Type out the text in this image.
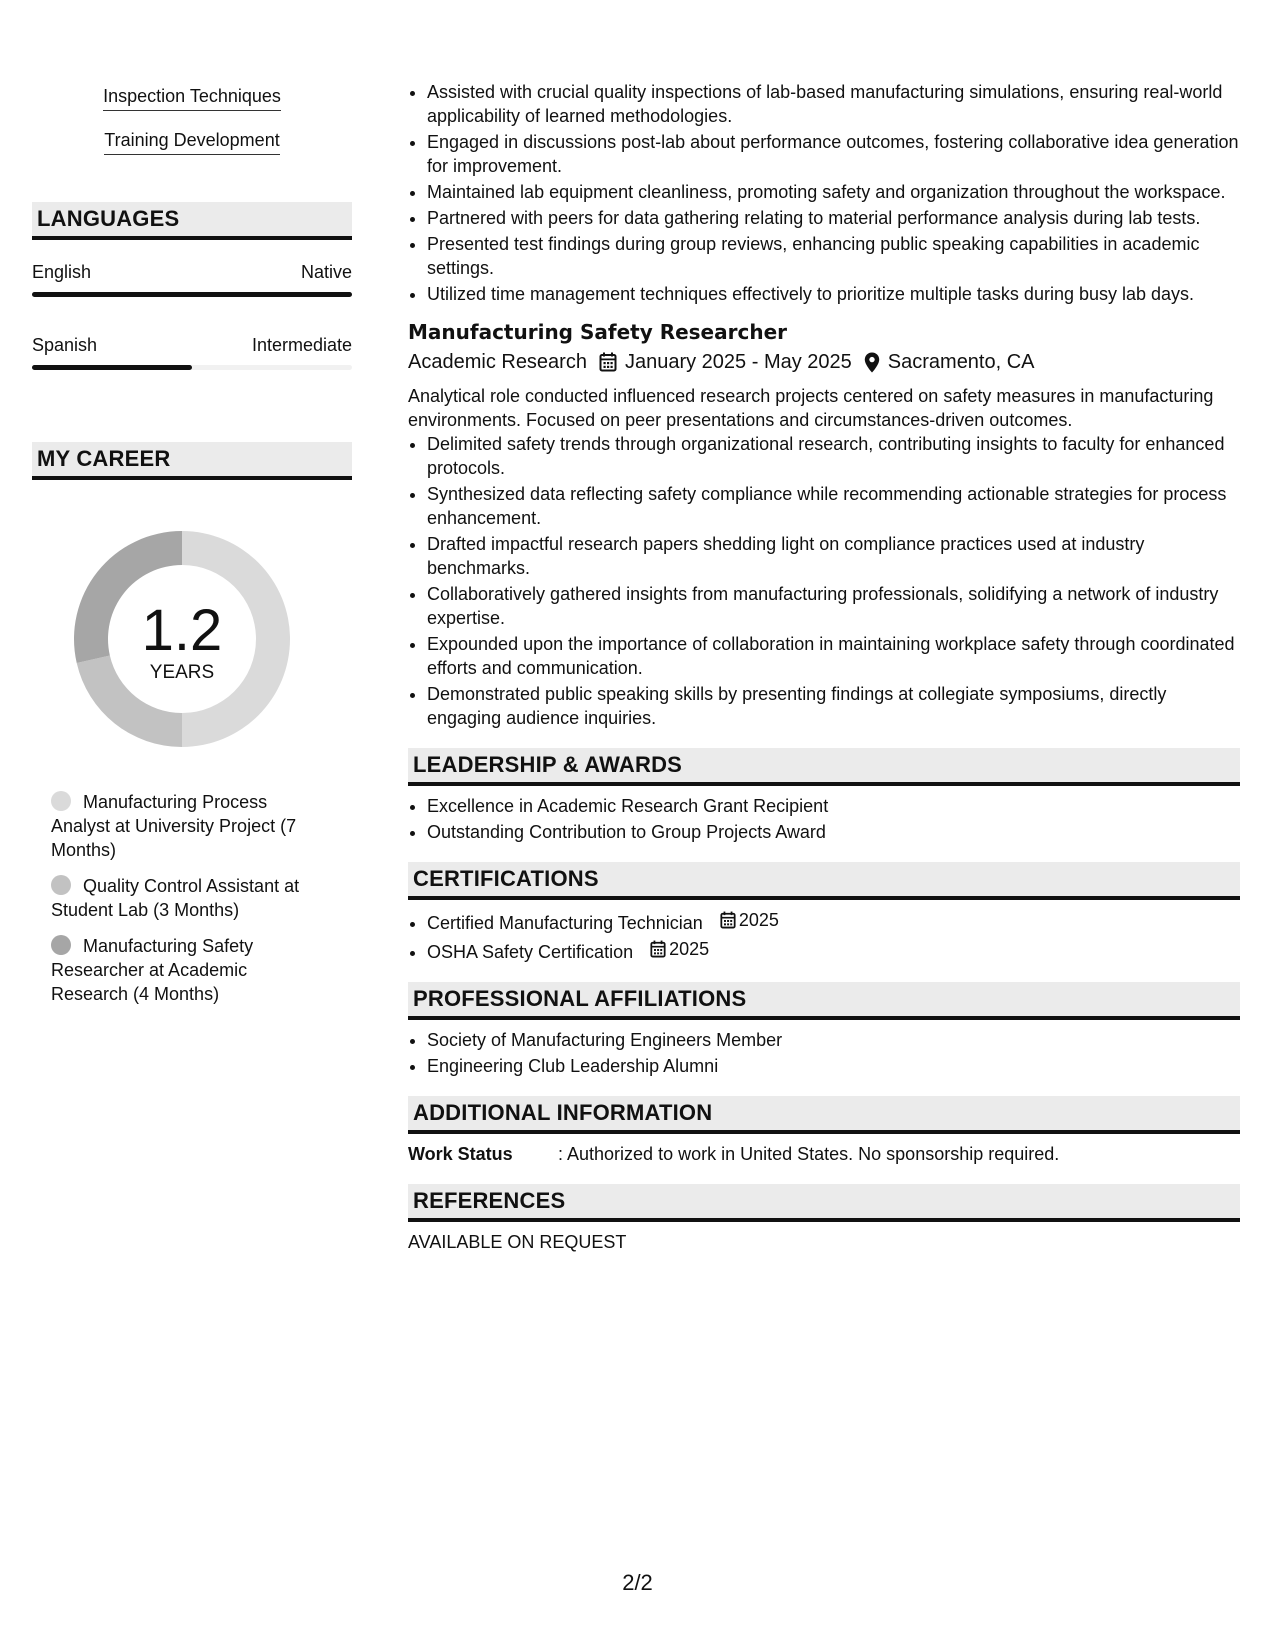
Inspection Techniques
Training Development
LANGUAGES
English	Native
Spanish	Intermediate
MY CAREER
1.2
YEARS
Manufacturing Process Analyst at University Project (7 Months)
Quality Control Assistant at Student Lab (3 Months)
Manufacturing Safety Researcher at Academic Research (4 Months)
• Assisted with crucial quality inspections of lab-based manufacturing simulations, ensuring real-world applicability of learned methodologies.
• Engaged in discussions post-lab about performance outcomes, fostering collaborative idea generation for improvement.
• Maintained lab equipment cleanliness, promoting safety and organization throughout the workspace.
• Partnered with peers for data gathering relating to material performance analysis during lab tests.
• Presented test findings during group reviews, enhancing public speaking capabilities in academic settings.
• Utilized time management techniques effectively to prioritize multiple tasks during busy lab days.
Manufacturing Safety Researcher
Academic Research January 2025 - May 2025 Sacramento, CA
Analytical role conducted influenced research projects centered on safety measures in manufacturing environments. Focused on peer presentations and circumstances-driven outcomes.
• Delimited safety trends through organizational research, contributing insights to faculty for enhanced protocols.
• Synthesized data reflecting safety compliance while recommending actionable strategies for process enhancement.
• Drafted impactful research papers shedding light on compliance practices used at industry benchmarks.
• Collaboratively gathered insights from manufacturing professionals, solidifying a network of industry expertise.
• Expounded upon the importance of collaboration in maintaining workplace safety through coordinated efforts and communication.
• Demonstrated public speaking skills by presenting findings at collegiate symposiums, directly engaging audience inquiries.
LEADERSHIP & AWARDS
• Excellence in Academic Research Grant Recipient
• Outstanding Contribution to Group Projects Award
CERTIFICATIONS
• Certified Manufacturing Technician 2025
• OSHA Safety Certification 2025
PROFESSIONAL AFFILIATIONS
• Society of Manufacturing Engineers Member
• Engineering Club Leadership Alumni
ADDITIONAL INFORMATION
Work Status	: Authorized to work in United States. No sponsorship required.
REFERENCES
AVAILABLE ON REQUEST
2/2
